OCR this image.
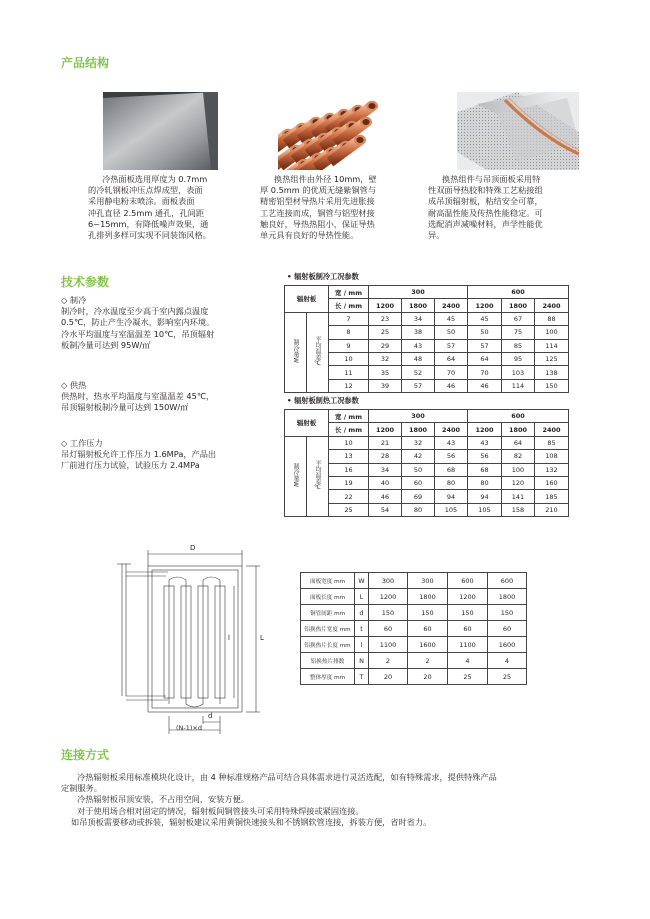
产品结构
冷热面板选用厚度为 0.7mm
的冷轧钢板冲压点焊成型，表面
采用静电粉末喷涂。面板表面
冲孔直径 2.5mm 通孔，孔间距
6~15mm，有降低噪声效果，通
孔排列多样可实现不同装饰风格。
换热组件由外径 10mm，壁
厚 0.5mm 的优质无缝紫铜管与
精密铝型材导热片采用先进胀接
工艺连接而成，铜管与铝型材接
触良好，导热热阻小，保证导热
单元具有良好的导热性能。
换热组件与吊顶面板采用特
性双面导热胶和特殊工艺粘接组
成吊顶辐射板，粘结安全可靠，
耐高温性能及传热性能稳定。可
选配消声减噪材料，声学性能优
异。
技术参数
◇ 制冷
制冷时，冷水温度至少高于室内露点温度
0.5℃，防止产生冷凝水，影响室内环境。
冷水平均温度与室温温差 10℃，吊顶辐射
板制冷量可达到 95W/㎡
◇ 供热
供热时，热水平均温度与室温温差 45℃，
吊顶辐射板制冷量可达到 150W/㎡
◇ 工作压力
吊灯辐射板允许工作压力 1.6MPa，产品出
厂前进行压力试验，试验压力 2.4MPa
• 辐射板制冷工况参数
辐射板		宽 / mm	300			600		
		长 / mm	1200	1800	2400	1200	1800	2400
制冷量W	平均温差℃	7	23	34	45	45	67	88
		8	25	38	50	50	75	100
		9	29	43	57	57	85	114
		10	32	48	64	64	95	125
		11	35	52	70	70	103	138
		12	39	57	46	46	114	150
• 辐射板制热工况参数
辐射板		宽 / mm	300			600		
		长 / mm	1200	1800	2400	1200	1800	2400
制冷量W	平均温差℃	10	21	32	43	43	64	85
		13	28	42	56	56	82	108
		16	34	50	68	68	100	132
		19	40	60	80	80	120	160
		22	46	69	94	94	141	185
		25	54	80	105	105	158	210
D
L
l
d
(N-1)×d
面板宽度 mm	W	300	300	600	600
面板长度 mm	L	1200	1800	1200	1800
铜管间距 mm	d	150	150	150	150
铝换热片宽度 mm	t	60	60	60	60
铝换热片长度 mm	l	1100	1600	1100	1600
铝换热片排数	N	2	2	4	4
整体厚度 mm	T	20	20	25	25
连接方式
冷热辐射板采用标准模块化设计，由 4 种标准规格产品可结合具体需求进行灵活选配，如有特殊需求，提供特殊产品
定制服务。
冷热辐射板吊顶安装，不占用空间，安装方便。
对于使用场合相对固定的情况，辐射板间铜管接头可采用特殊焊接或紧固连接。
如吊顶板需要移动或拆装，辐射板建议采用黄铜快速接头和不锈钢软管连接，拆装方便，省时省力。
